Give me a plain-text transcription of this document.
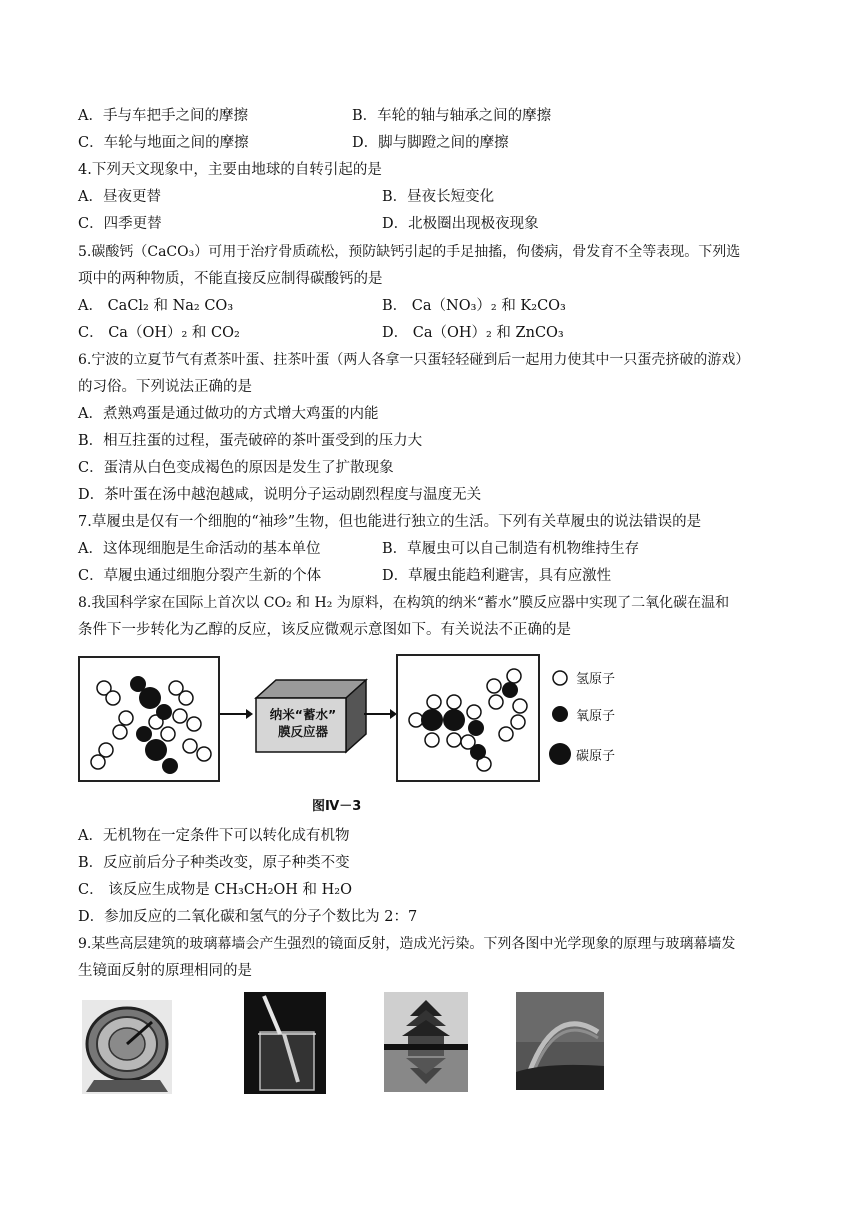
A．手与车把手之间的摩擦	B．车轮的轴与轴承之间的摩擦
C．车轮与地面之间的摩擦	D．脚与脚蹬之间的摩擦
4.下列天文现象中，主要由地球的自转引起的是
A．昼夜更替	B．昼夜长短变化
C．四季更替	D．北极圈出现极夜现象
5.碳酸钙（CaCO₃）可用于治疗骨质疏松，预防缺钙引起的手足抽搐，佝偻病，骨发育不全等表现。下列选
项中的两种物质，不能直接反应制得碳酸钙的是
A． CaCl₂ 和 Na₂ CO₃	B． Ca（NO₃）₂ 和 K₂CO₃
C． Ca（OH）₂ 和 CO₂	D． Ca（OH）₂ 和 ZnCO₃
6.宁波的立夏节气有煮茶叶蛋、拄茶叶蛋（两人各拿一只蛋轻轻碰到后一起用力使其中一只蛋壳挤破的游戏）
的习俗。下列说法正确的是
A．煮熟鸡蛋是通过做功的方式增大鸡蛋的内能
B．相互拄蛋的过程，蛋壳破碎的茶叶蛋受到的压力大
C．蛋清从白色变成褐色的原因是发生了扩散现象
D．茶叶蛋在汤中越泡越咸，说明分子运动剧烈程度与温度无关
7.草履虫是仅有一个细胞的“袖珍”生物，但也能进行独立的生活。下列有关草履虫的说法错误的是
A．这体现细胞是生命活动的基本单位	B．草履虫可以自己制造有机物维持生存
C．草履虫通过细胞分裂产生新的个体	D．草履虫能趋利避害，具有应激性
8.我国科学家在国际上首次以 CO₂ 和 H₂ 为原料，在构筑的纳米“蓄水”膜反应器中实现了二氧化碳在温和
条件下一步转化为乙醇的反应，该反应微观示意图如下。有关说法不正确的是
纳米“蓄水”
膜反应器
氢原子
氧原子
碳原子
图Ⅳ－3
A．无机物在一定条件下可以转化成有机物
B．反应前后分子种类改变，原子种类不变
C． 该反应生成物是 CH₃CH₂OH 和 H₂O
D．参加反应的二氧化碳和氢气的分子个数比为 2：7
9.某些高层建筑的玻璃幕墙会产生强烈的镜面反射，造成光污染。下列各图中光学现象的原理与玻璃幕墙发
生镜面反射的原理相同的是
